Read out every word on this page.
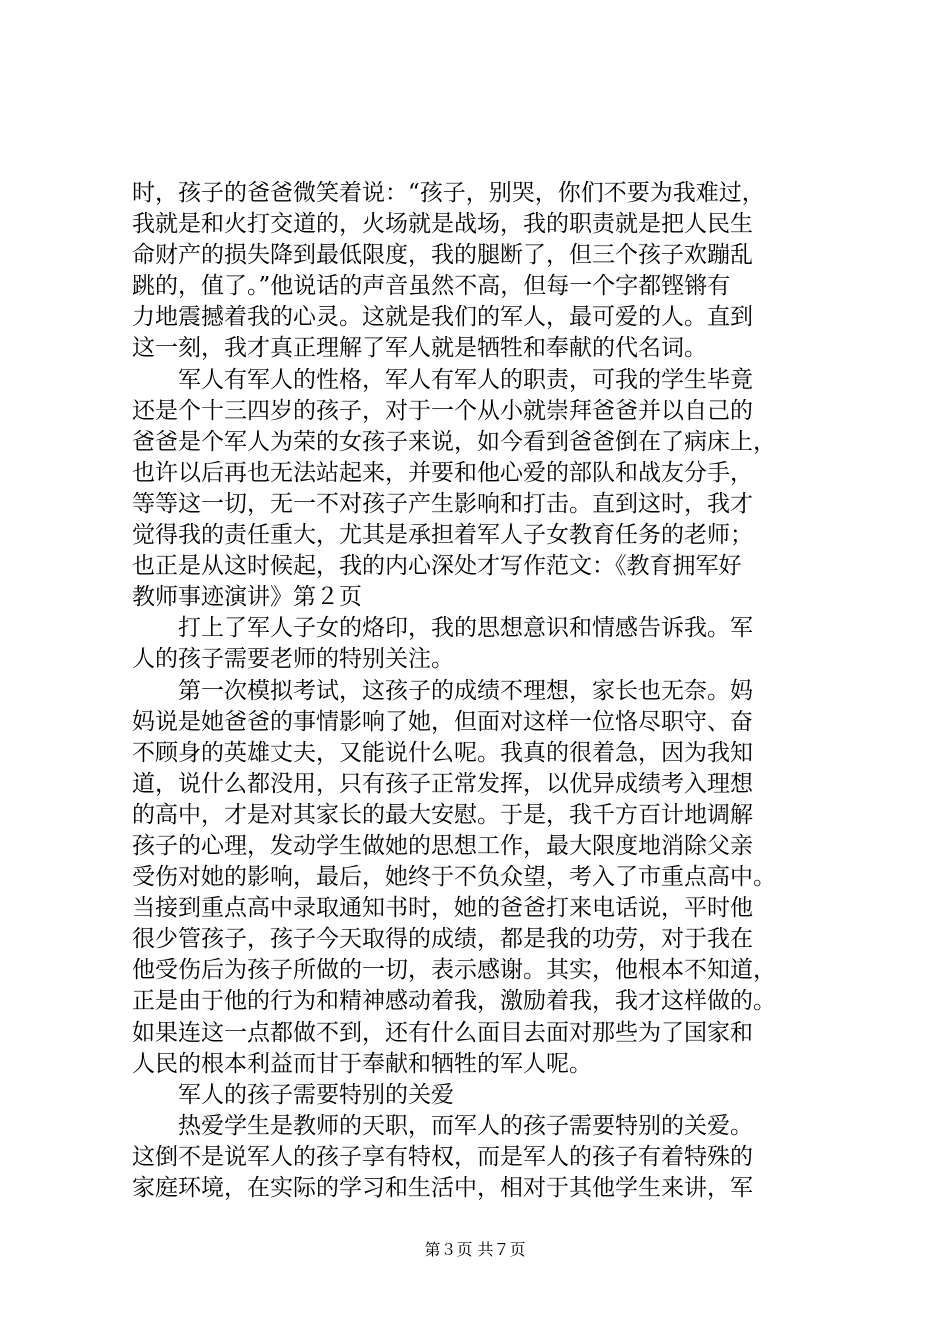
时，孩子的爸爸微笑着说：“孩子，别哭，你们不要为我难过，
我就是和火打交道的，火场就是战场，我的职责就是把人民生
命财产的损失降到最低限度，我的腿断了，但三个孩子欢蹦乱
跳的，值了。”他说话的声音虽然不高，但每一个字都铿锵有
力地震撼着我的心灵。这就是我们的军人，最可爱的人。直到
这一刻，我才真正理解了军人就是牺牲和奉献的代名词。
　　军人有军人的性格，军人有军人的职责，可我的学生毕竟
还是个十三四岁的孩子，对于一个从小就崇拜爸爸并以自己的
爸爸是个军人为荣的女孩子来说，如今看到爸爸倒在了病床上，
也许以后再也无法站起来，并要和他心爱的部队和战友分手，
等等这一切，无一不对孩子产生影响和打击。直到这时，我才
觉得我的责任重大，尤其是承担着军人子女教育任务的老师；
也正是从这时候起，我的内心深处才写作范文：《教育拥军好
教师事迹演讲》第２页
　　打上了军人子女的烙印，我的思想意识和情感告诉我。军
人的孩子需要老师的特别关注。
　　第一次模拟考试，这孩子的成绩不理想，家长也无奈。妈
妈说是她爸爸的事情影响了她，但面对这样一位恪尽职守、奋
不顾身的英雄丈夫，又能说什么呢。我真的很着急，因为我知
道，说什么都没用，只有孩子正常发挥，以优异成绩考入理想
的高中，才是对其家长的最大安慰。于是，我千方百计地调解
孩子的心理，发动学生做她的思想工作，最大限度地消除父亲
受伤对她的影响，最后，她终于不负众望，考入了市重点高中。
当接到重点高中录取通知书时，她的爸爸打来电话说，平时他
很少管孩子，孩子今天取得的成绩，都是我的功劳，对于我在
他受伤后为孩子所做的一切，表示感谢。其实，他根本不知道，
正是由于他的行为和精神感动着我，激励着我，我才这样做的。
如果连这一点都做不到，还有什么面目去面对那些为了国家和
人民的根本利益而甘于奉献和牺牲的军人呢。
　　军人的孩子需要特别的关爱
　　热爱学生是教师的天职，而军人的孩子需要特别的关爱。
这倒不是说军人的孩子享有特权，而是军人的孩子有着特殊的
家庭环境，在实际的学习和生活中，相对于其他学生来讲，军
第３页 共７页
